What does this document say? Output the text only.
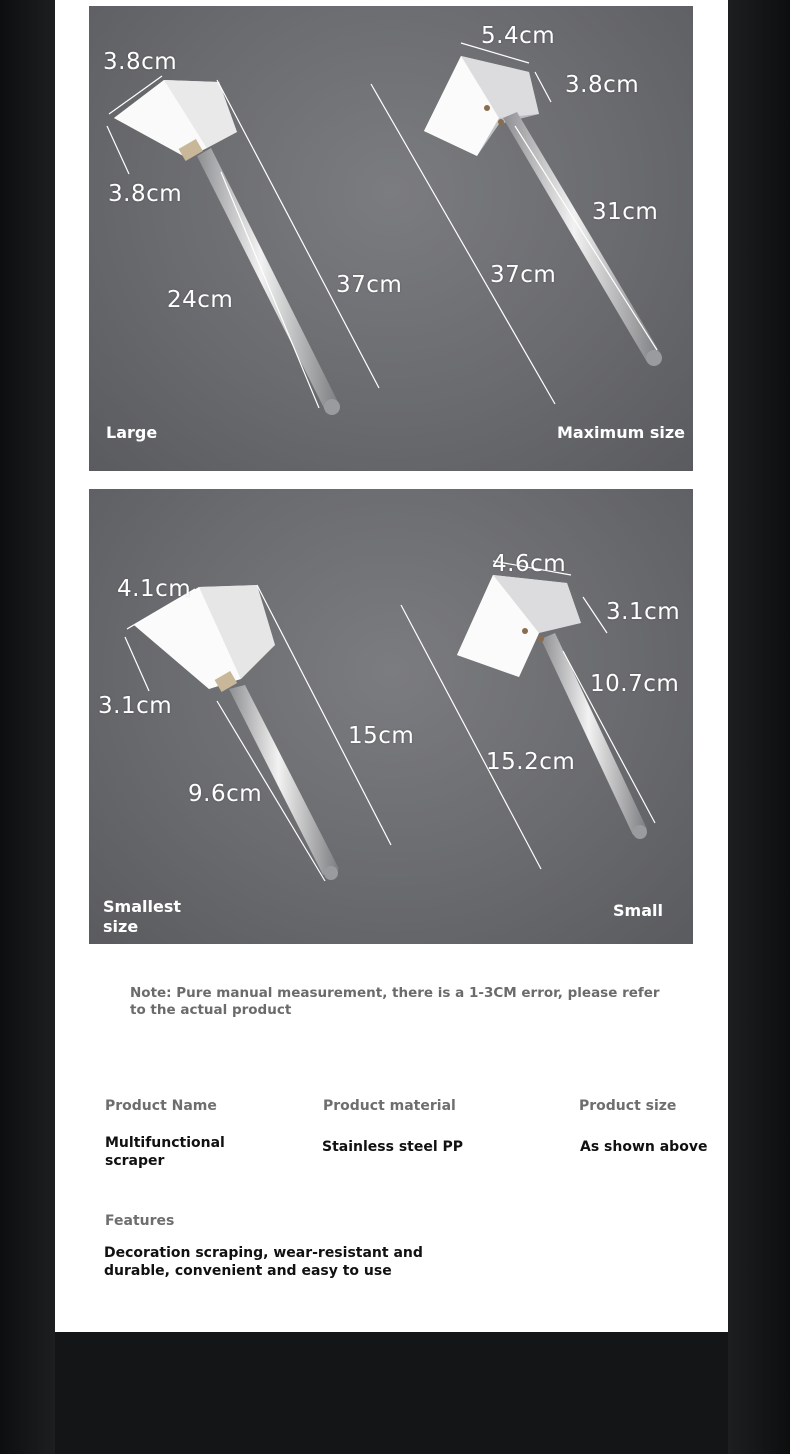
3.8cm
3.8cm
24cm
37cm
5.4cm
3.8cm
31cm
37cm
Large	Maximum size
4.1cm
3.1cm
9.6cm
15cm
4.6cm
3.1cm
10.7cm
15.2cm
Smallest size
Small
Note: Pure manual measurement, there is a 1-3CM error, please refer to the actual product
Product Name
Multifunctional scraper
Product material
Stainless steel PP
Product size
As shown above
Features
Decoration scraping, wear-resistant and durable, convenient and easy to use
